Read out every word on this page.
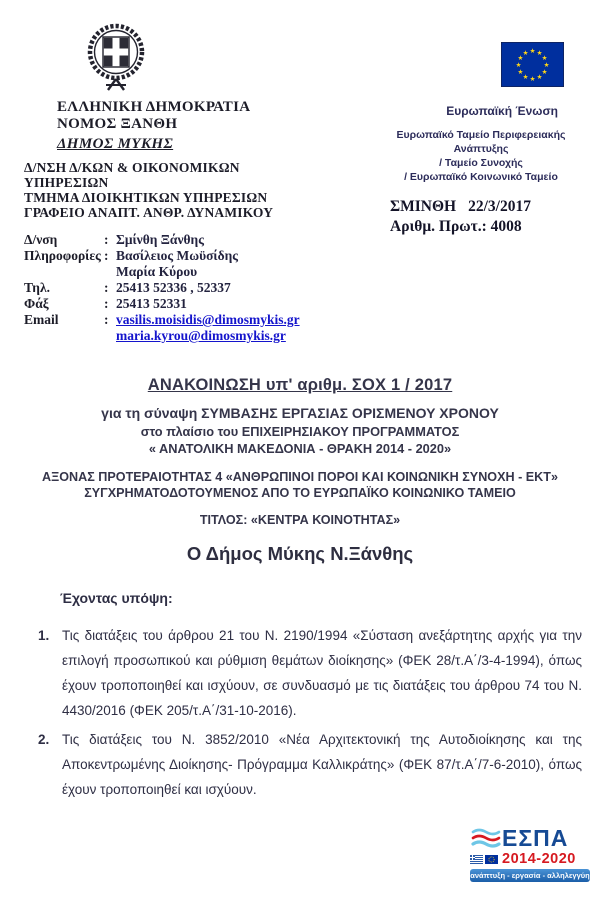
ΕΛΛΗΝΙΚΗ ΔΗΜΟΚΡΑΤΙΑ
ΝΟΜΟΣ ΞΑΝΘΗ
ΔΗΜΟΣ ΜΥΚΗΣ
Δ/ΝΣΗ Δ/ΚΩΝ & ΟΙΚΟΝΟΜΙΚΩΝ
ΥΠΗΡΕΣΙΩΝ
ΤΜΗΜΑ ΔΙΟΙΚΗΤΙΚΩΝ ΥΠΗΡΕΣΙΩΝ
ΓΡΑΦΕΙΟ ΑΝΑΠΤ. ΑΝΘΡ. ΔΥΝΑΜΙΚΟΥ
Δ/νση	: Σμίνθη Ξάνθης
Πληροφορίες : Βασίλειος Μωϋσίδης
Μαρία Κύρου
Τηλ.	: 25413 52336 , 52337
Φάξ	: 25413 52331
Email	: vasilis.moisidis@dimosmykis.gr
maria.kyrou@dimosmykis.gr
★ ★
★
★
★
★
★
★
★
★
★
★
Ευρωπαϊκή Ένωση
Ευρωπαϊκό Ταμείο Περιφερειακής
Ανάπτυξης
/ Ταμείο Συνοχής
/ Ευρωπαϊκό Κοινωνικό Ταμείο
ΣΜΙΝΘΗ 22/3/2017
Αριθμ. Πρωτ.: 4008
ΑΝΑΚΟΙΝΩΣΗ υπ' αριθμ. ΣΟΧ 1 / 2017
για τη σύναψη ΣΥΜΒΑΣΗΣ ΕΡΓΑΣΙΑΣ ΟΡΙΣΜΕΝΟΥ ΧΡΟΝΟΥ
στο πλαίσιο του ΕΠΙΧΕΙΡΗΣΙΑΚΟΥ ΠΡΟΓΡΑΜΜΑΤΟΣ
« ΑΝΑΤΟΛΙΚΗ ΜΑΚΕΔΟΝΙΑ - ΘΡΑΚΗ 2014 - 2020»
ΑΞΟΝΑΣ ΠΡΟΤΕΡΑΙΟΤΗΤΑΣ 4 «ΑΝΘΡΩΠΙΝΟΙ ΠΟΡΟΙ ΚΑΙ ΚΟΙΝΩΝΙΚΗ ΣΥΝΟΧΗ - ΕΚΤ»
ΣΥΓΧΡΗΜΑΤΟΔΟΤΟΥΜΕΝΟΣ ΑΠΟ ΤΟ ΕΥΡΩΠΑΪΚΟ ΚΟΙΝΩΝΙΚΟ ΤΑΜΕΙΟ
ΤΙΤΛΟΣ: «ΚΕΝΤΡΑ ΚΟΙΝΟΤΗΤΑΣ»
Ο Δήμος Μύκης Ν.Ξάνθης
Έχοντας υπόψη:
1. Τις διατάξεις του άρθρου 21 του Ν. 2190/1994 «Σύσταση ανεξάρτητης αρχής για την επιλογή προσωπικού και ρύθμιση θεμάτων διοίκησης» (ΦΕΚ 28/τ.Α΄/3-4-1994), όπως έχουν τροποποιηθεί και ισχύουν, σε συνδυασμό με τις διατάξεις του άρθρου 74 του Ν. 4430/2016 (ΦΕΚ 205/τ.Α΄/31-10-2016).
2. Τις διατάξεις του Ν. 3852/2010 «Νέα Αρχιτεκτονική της Αυτοδιοίκησης και της Αποκεντρωμένης Διοίκησης- Πρόγραμμα Καλλικράτης» (ΦΕΚ 87/τ.Α΄/7-6-2010), όπως έχουν τροποποιηθεί και ισχύουν.
ΕΣΠΑ
2014-2020
ανάπτυξη - εργασία - αλληλεγγύη
